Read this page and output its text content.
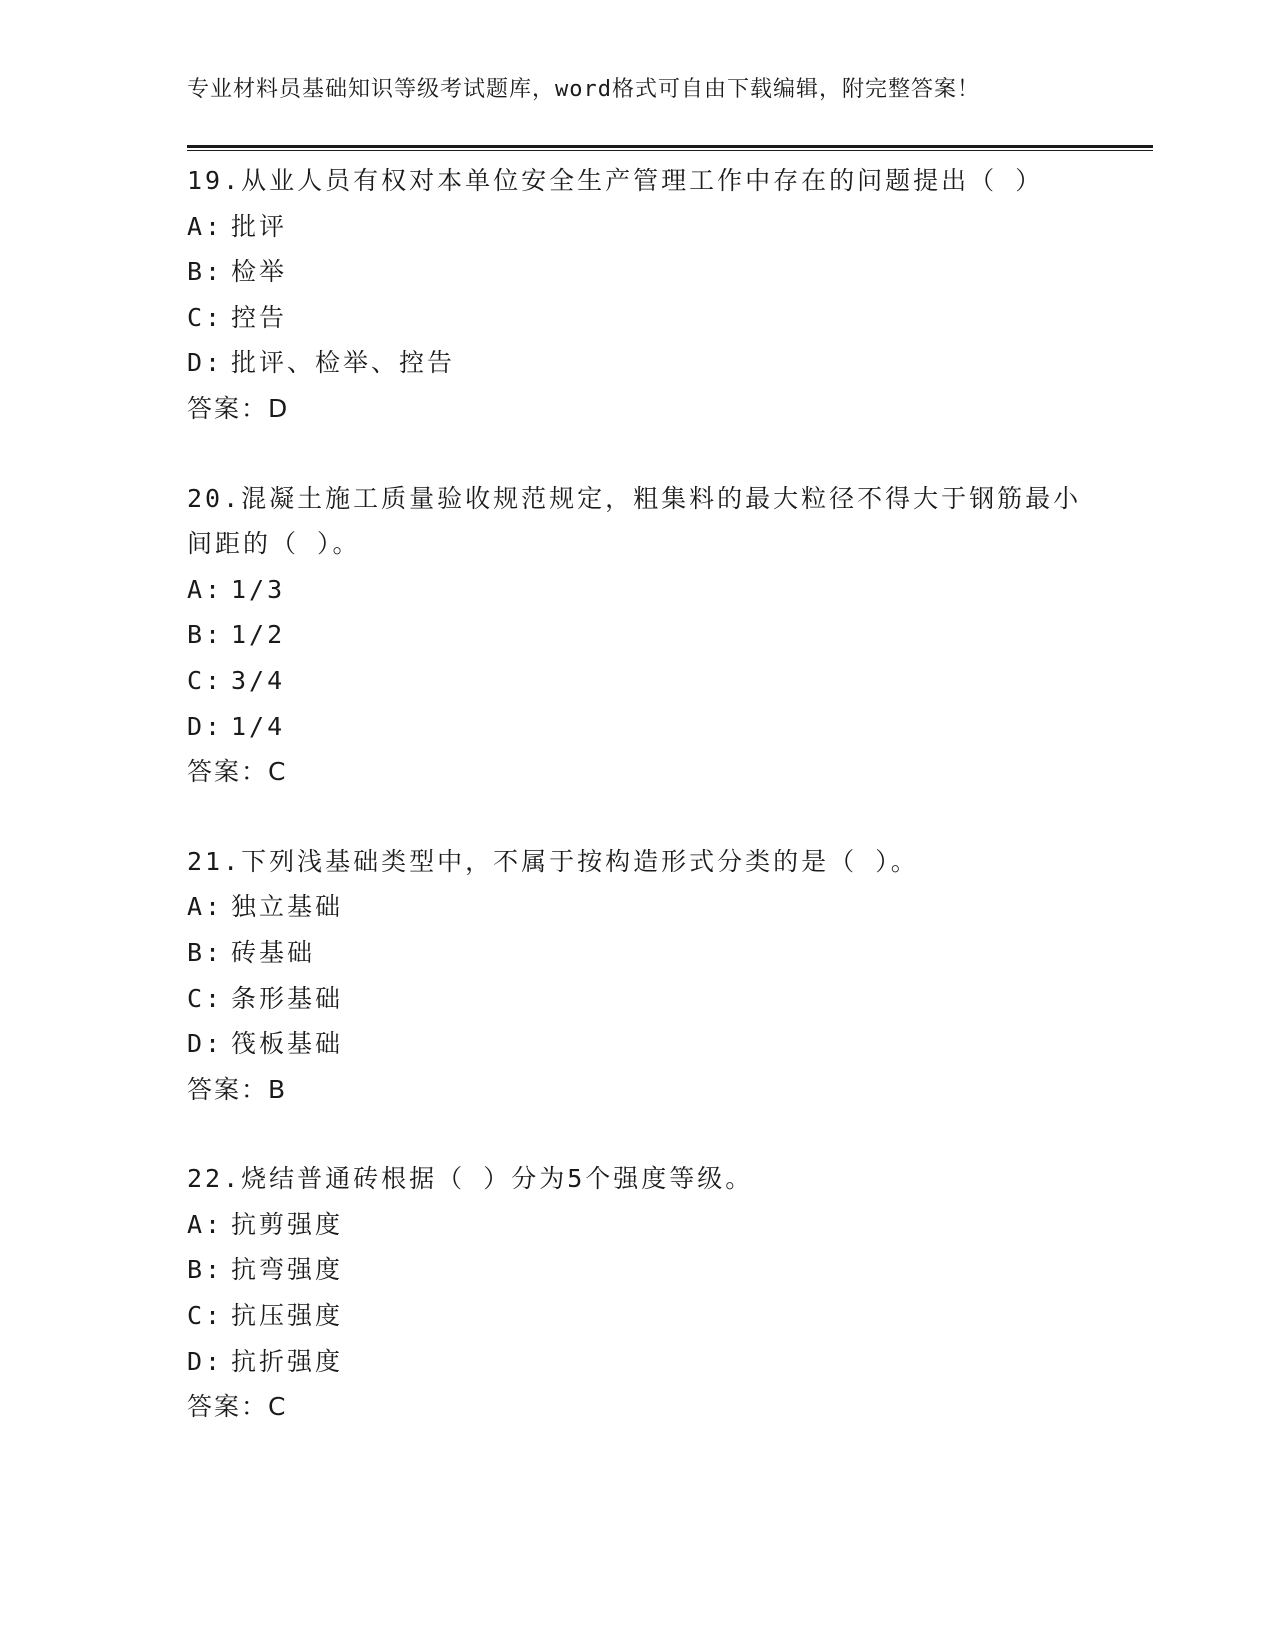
专业材料员基础知识等级考试题库，word格式可自由下载编辑，附完整答案！
19.从业人员有权对本单位安全生产管理工作中存在的问题提出（ ）
A: 批评
B: 检举
C: 控告
D: 批评、检举、控告
答案：D
20.混凝土施工质量验收规范规定，粗集料的最大粒径不得大于钢筋最小间距的（ ）。
A: 1/3
B: 1/2
C: 3/4
D: 1/4
答案：C
21.下列浅基础类型中，不属于按构造形式分类的是（ ）。
A: 独立基础
B: 砖基础
C: 条形基础
D: 筏板基础
答案：B
22.烧结普通砖根据（ ）分为5个强度等级。
A: 抗剪强度
B: 抗弯强度
C: 抗压强度
D: 抗折强度
答案：C
